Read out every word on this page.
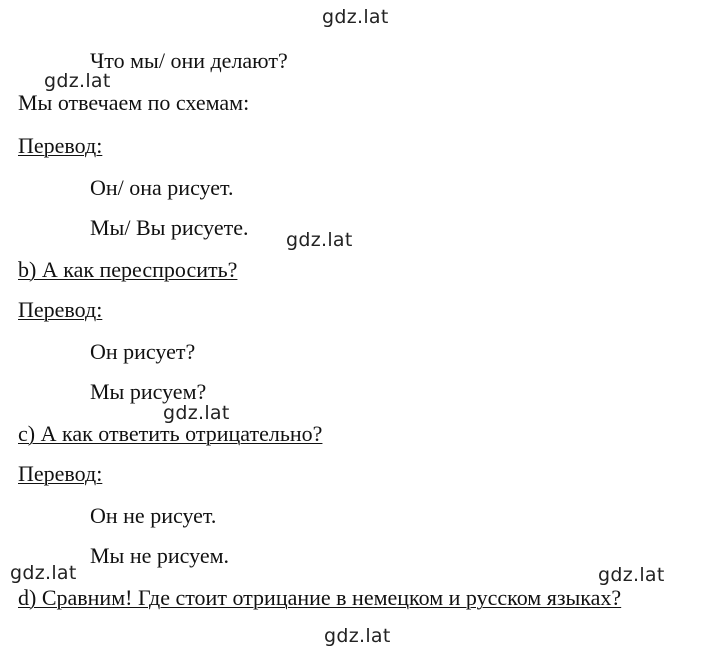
gdz.lat
Что мы/ они делают?
gdz.lat
Мы отвечаем по схемам:
Перевод:
Он/ она рисует.
Мы/ Вы рисуете. gdz.lat
b) А как переспросить?
Перевод:
Он рисует?
Мы рисуем?
gdz.lat
c) А как ответить отрицательно?
Перевод:
Он не рисует.
Мы не рисуем.
gdz.lat	gdz.lat
d) Сравним! Где стоит отрицание в немецком и русском языках?
gdz.lat
